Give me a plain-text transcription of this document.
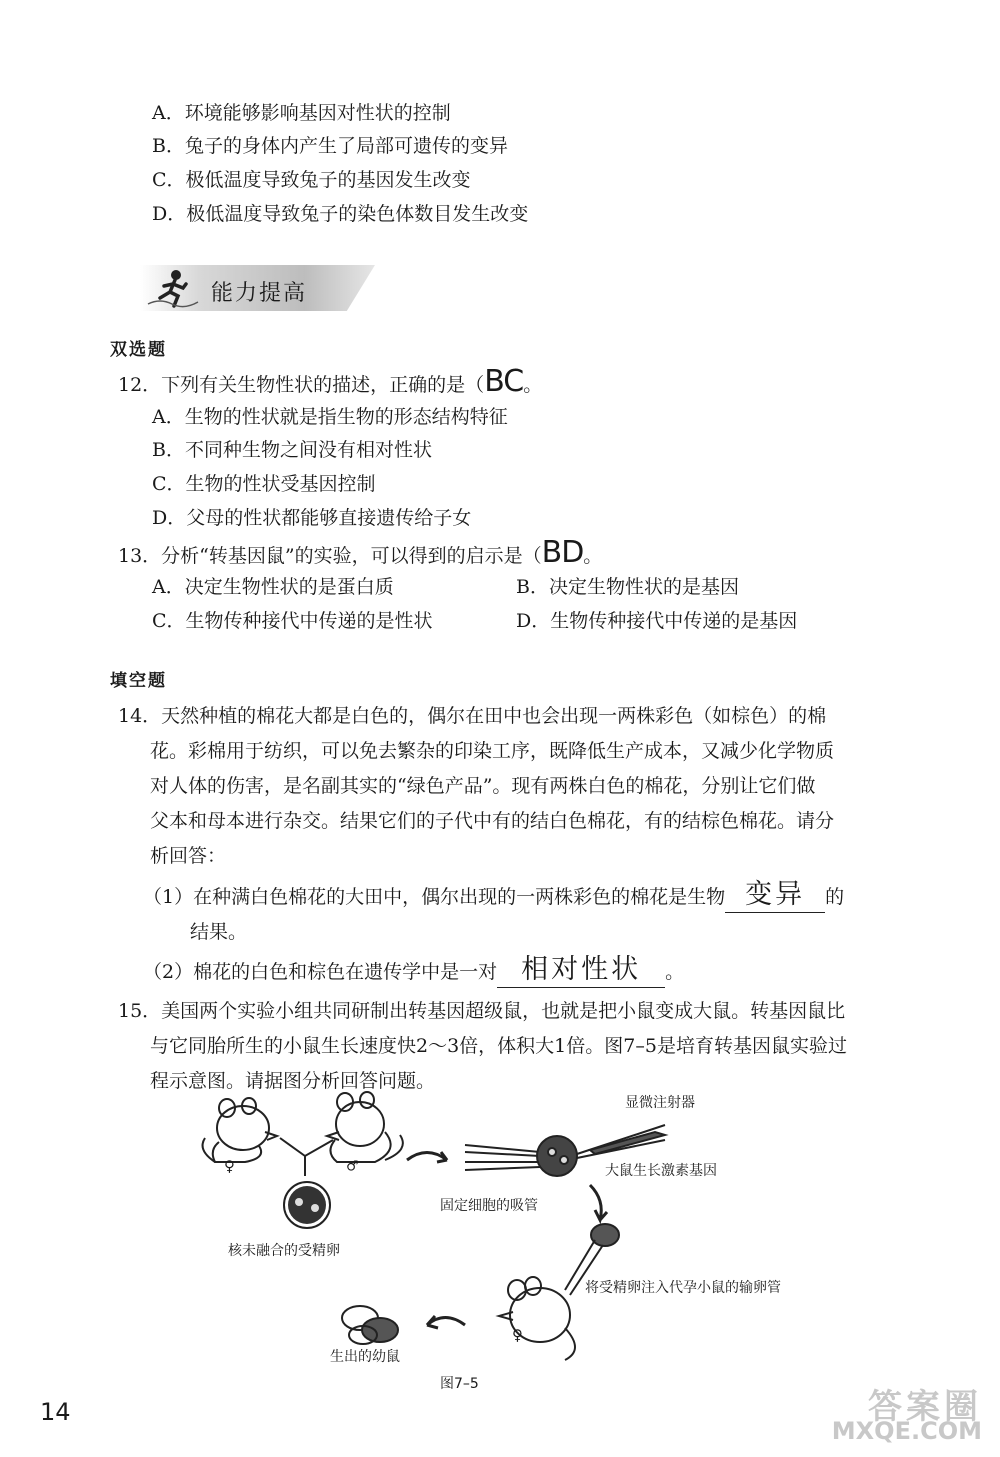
A．环境能够影响基因对性状的控制
B．兔子的身体内产生了局部可遗传的变异
C．极低温度导致兔子的基因发生改变
D．极低温度导致兔子的染色体数目发生改变
能力提高
双选题
12．下列有关生物性状的描述，正确的是（BC。
A．生物的性状就是指生物的形态结构特征
B．不同种生物之间没有相对性状
C．生物的性状受基因控制
D．父母的性状都能够直接遗传给子女
13．分析“转基因鼠”的实验，可以得到的启示是（BD。
A．决定生物性状的是蛋白质	B．决定生物性状的是基因
C．生物传种接代中传递的是性状	D．生物传种接代中传递的是基因
填空题
14．天然种植的棉花大都是白色的，偶尔在田中也会出现一两株彩色（如棕色）的棉
花。彩棉用于纺织，可以免去繁杂的印染工序，既降低生产成本，又减少化学物质
对人体的伤害，是名副其实的“绿色产品”。现有两株白色的棉花，分别让它们做
父本和母本进行杂交。结果它们的子代中有的结白色棉花，有的结棕色棉花。请分
析回答：
（1）在种满白色棉花的大田中，偶尔出现的一两株彩色的棉花是生物 变异 的
结果。
（2）棉花的白色和棕色在遗传学中是一对 相对性状 。
15．美国两个实验小组共同研制出转基因超级鼠，也就是把小鼠变成大鼠。转基因鼠比
与它同胎所生的小鼠生长速度快2～3倍，体积大1倍。图7–5是培育转基因鼠实验过
程示意图。请据图分析回答问题。
♀	♂
显微注射器
大鼠生长激素基因
固定细胞的吸管
核未融合的受精卵
将受精卵注入代孕小鼠的输卵管
♀
生出的幼鼠
图7–5
14	答案圈
MXQE.COM
